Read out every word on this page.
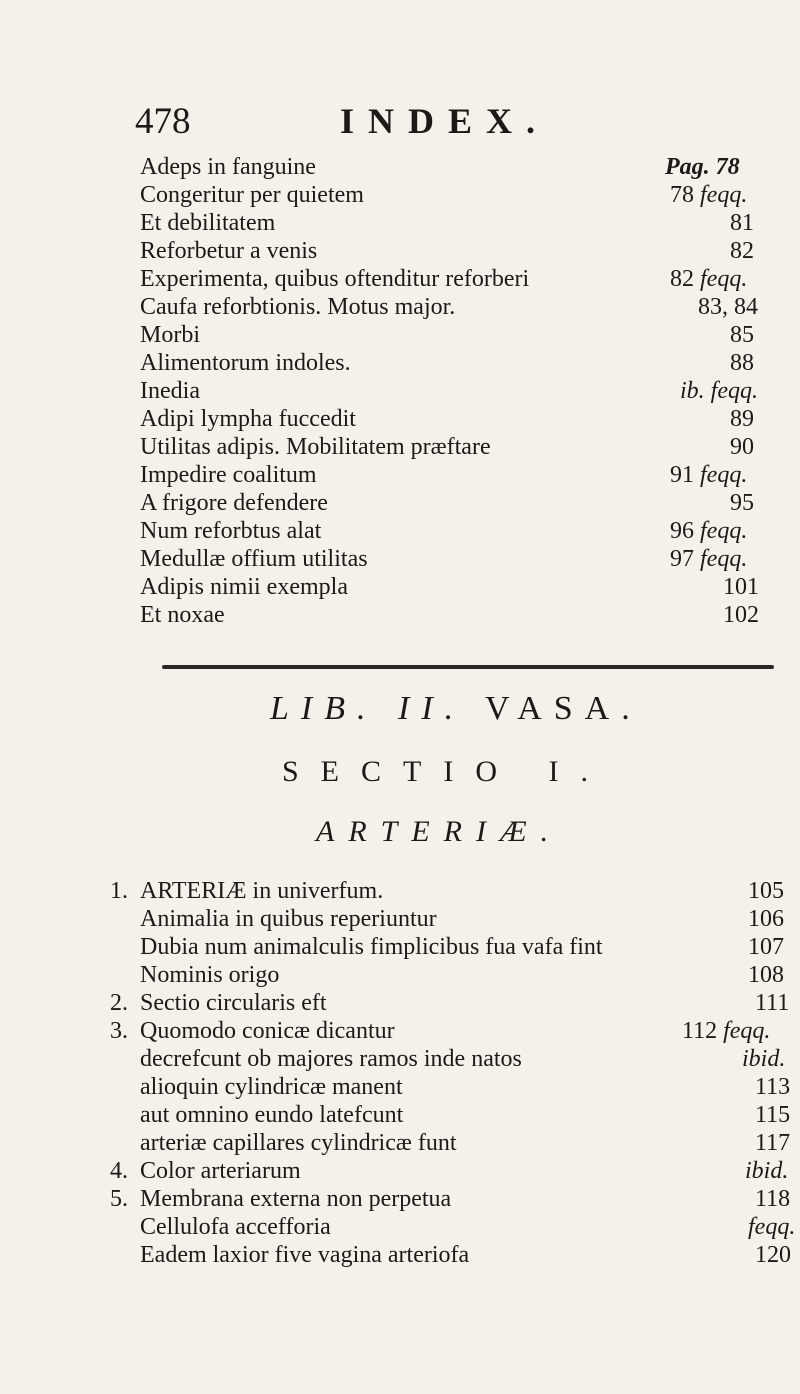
478	INDEX.
Adeps in fanguine	Pag. 78
Congeritur per quietem	78 feqq.
Et debilitatem	81
Reforbetur a venis	82
Experimenta, quibus oftenditur reforberi	82 feqq.
Caufa reforbtionis. Motus major.	83, 84
Morbi	85
Alimentorum indoles.	88
Inedia	ib. feqq.
Adipi lympha fuccedit	89
Utilitas adipis. Mobilitatem præftare	90
Impedire coalitum	91 feqq.
A frigore defendere	95
Num reforbtus alat	96 feqq.
Medullæ offium utilitas	97 feqq.
Adipis nimii exempla	101
Et noxae	102
LIB. II. VASA.
SECTIO I.
ARTERIÆ.
1. ARTERIÆ in univerfum.	105
Animalia in quibus reperiuntur	106
Dubia num animalculis fimplicibus fua vafa fint	107
Nominis origo	108
2. Sectio circularis eft	111
3. Quomodo conicæ dicantur	112 feqq.
decrefcunt ob majores ramos inde natos	ibid.
alioquin cylindricæ manent	113
aut omnino eundo latefcunt	115
arteriæ capillares cylindricæ funt	117
4. Color arteriarum	ibid.
5. Membrana externa non perpetua	118
Cellulofa accefforia	feqq.
Eadem laxior five vagina arteriofa	120
